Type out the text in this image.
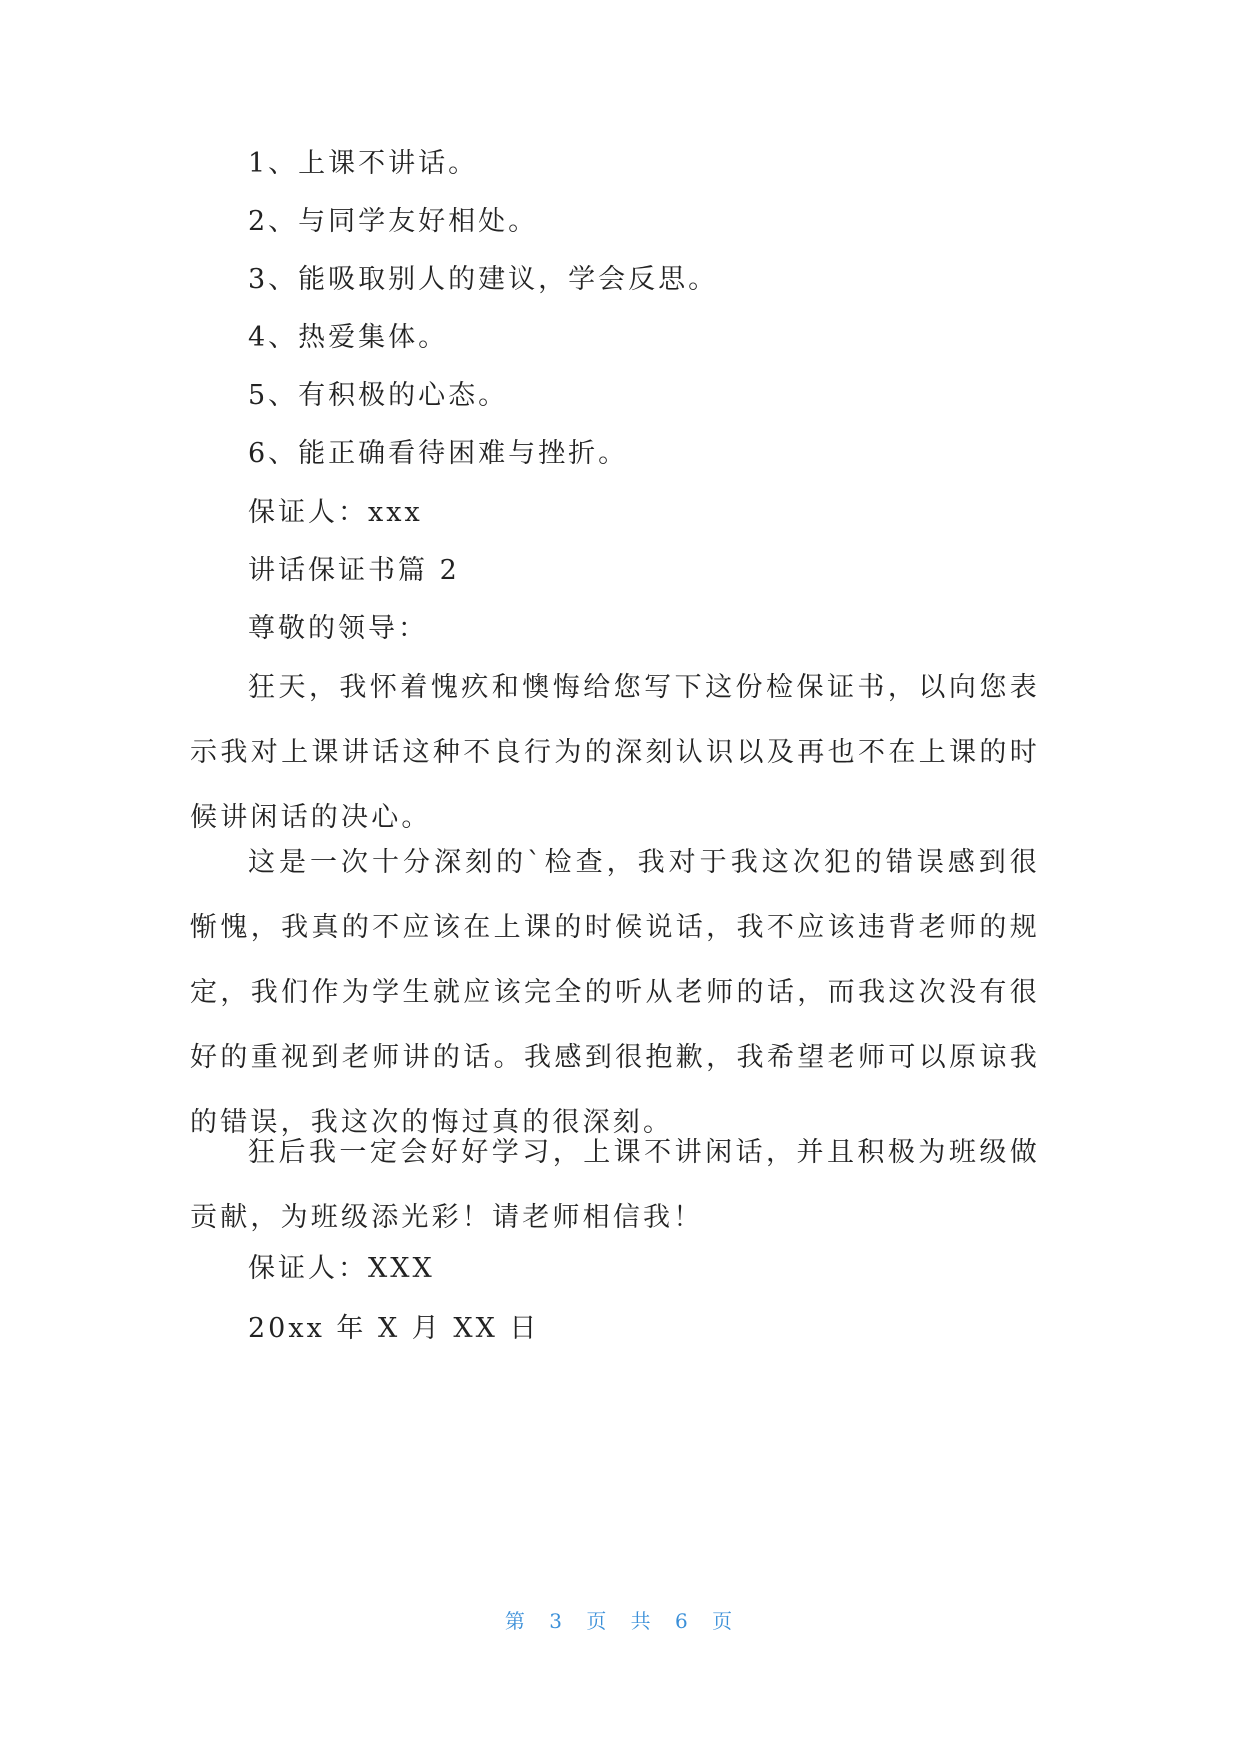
1、上课不讲话。
2、与同学友好相处。
3、能吸取别人的建议，学会反思。
4、热爱集体。
5、有积极的心态。
6、能正确看待困难与挫折。
保证人：xxx
讲话保证书篇 2
尊敬的领导：
狂天，我怀着愧疚和懊悔给您写下这份检保证书，以向您表示我对上课讲话这种不良行为的深刻认识以及再也不在上课的时候讲闲话的决心。
这是一次十分深刻的`检查，我对于我这次犯的错误感到很惭愧，我真的不应该在上课的时候说话，我不应该违背老师的规定，我们作为学生就应该完全的听从老师的话，而我这次没有很好的重视到老师讲的话。我感到很抱歉，我希望老师可以原谅我的错误，我这次的悔过真的很深刻。
狂后我一定会好好学习，上课不讲闲话，并且积极为班级做贡献，为班级添光彩！请老师相信我！
保证人：XXX
20xx 年 X 月 XX 日
第 3 页 共 6 页
